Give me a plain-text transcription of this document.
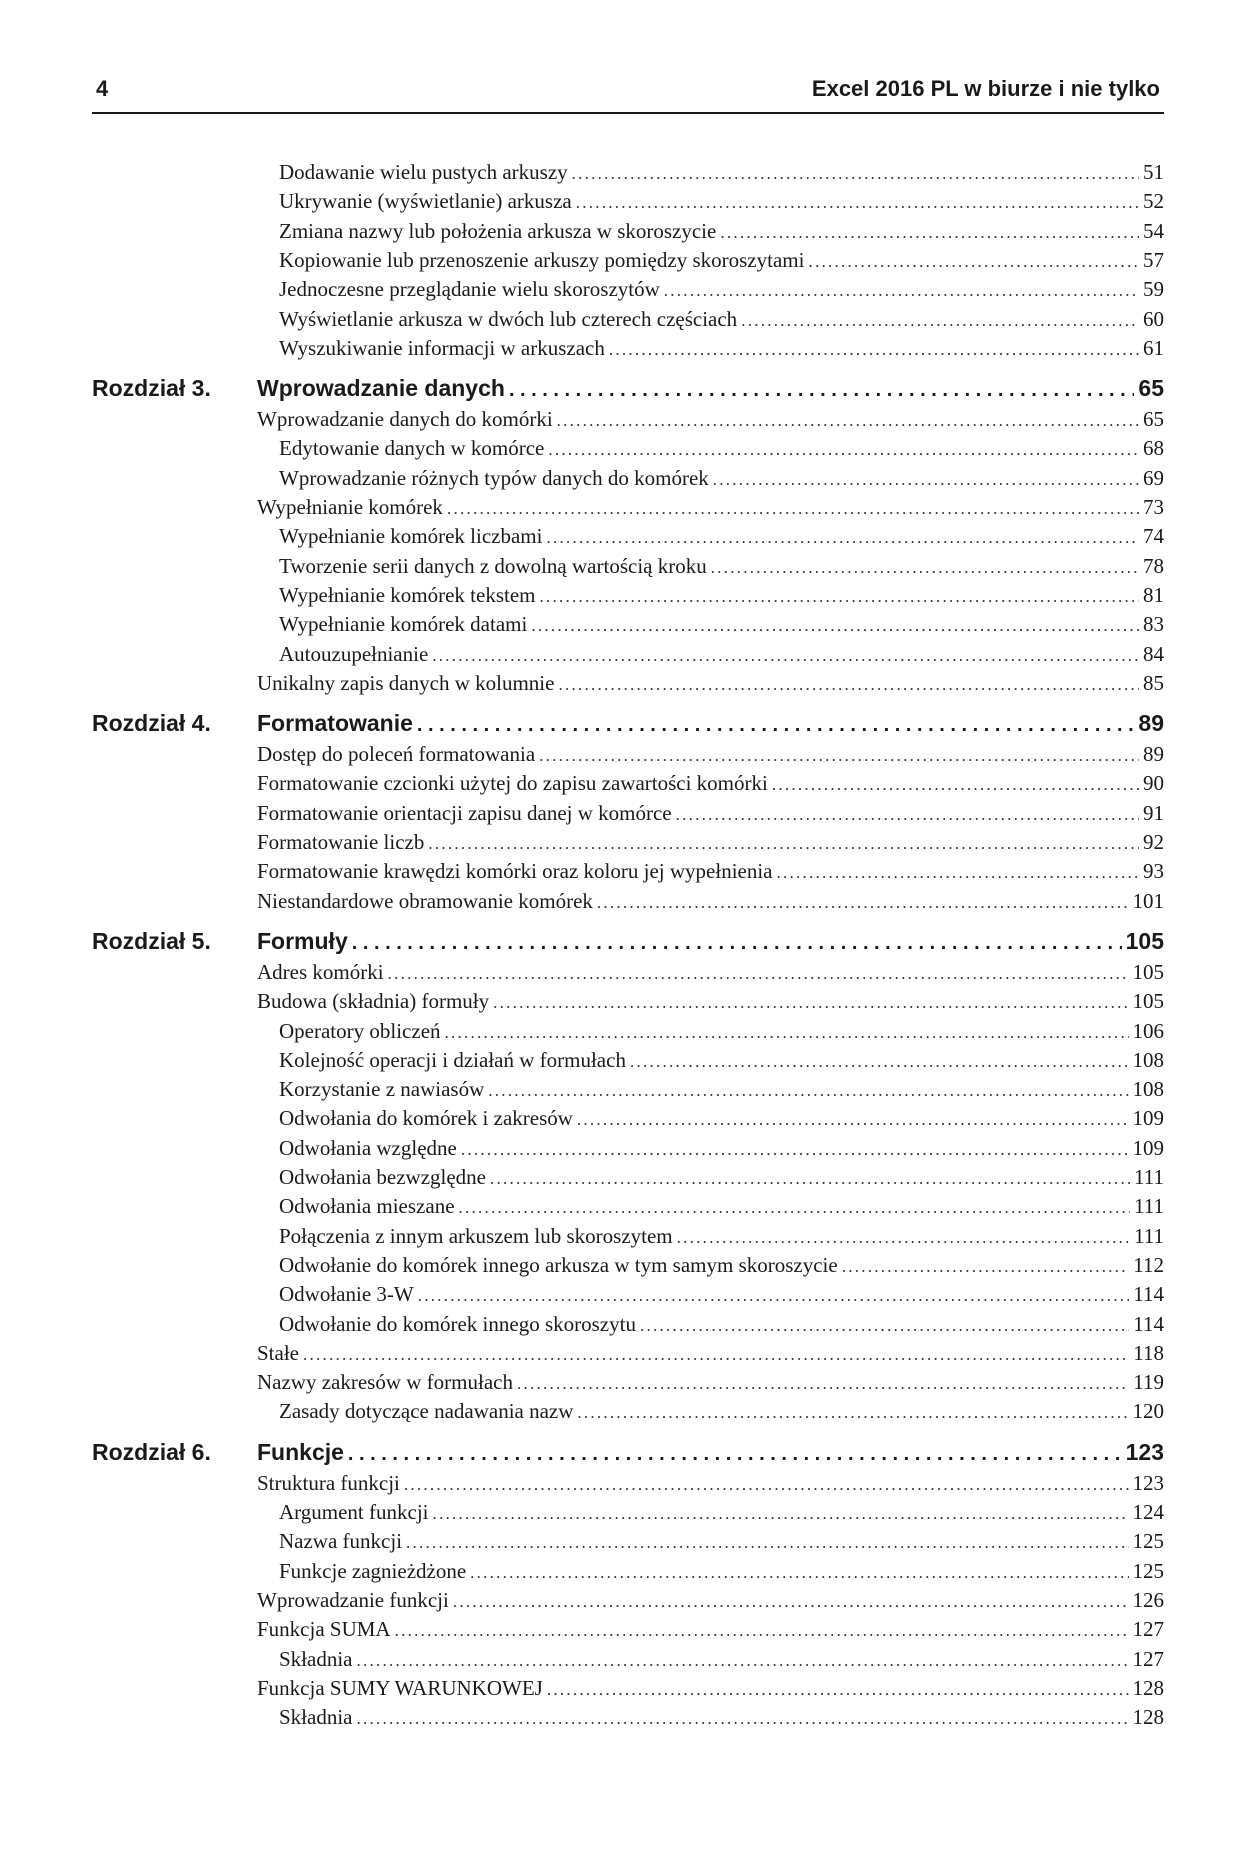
4	Excel 2016 PL w biurze i nie tylko
Dodawanie wielu pustych arkuszy . . .	51
Ukrywanie (wyświetlanie) arkusza . . .	52
Zmiana nazwy lub położenia arkusza w skoroszycie . . .	54
Kopiowanie lub przenoszenie arkuszy pomiędzy skoroszytami . . .	57
Jednoczesne przeglądanie wielu skoroszytów . . .	59
Wyświetlanie arkusza w dwóch lub czterech częściach . . .	60
Wyszukiwanie informacji w arkuszach . . .	61
Rozdział 3.	Wprowadzanie danych . . .	65
Wprowadzanie danych do komórki . . .	65
Edytowanie danych w komórce . . .	68
Wprowadzanie różnych typów danych do komórek . . .	69
Wypełnianie komórek . . .	73
Wypełnianie komórek liczbami . . .	74
Tworzenie serii danych z dowolną wartością kroku . . .	78
Wypełnianie komórek tekstem . . .	81
Wypełnianie komórek datami . . .	83
Autouzupełnianie . . .	84
Unikalny zapis danych w kolumnie . . .	85
Rozdział 4.	Formatowanie . . .	89
Dostęp do poleceń formatowania . . .	89
Formatowanie czcionki użytej do zapisu zawartości komórki . . .	90
Formatowanie orientacji zapisu danej w komórce . . .	91
Formatowanie liczb . . .	92
Formatowanie krawędzi komórki oraz koloru jej wypełnienia . . .	93
Niestandardowe obramowanie komórek . . .	101
Rozdział 5.	Formuły . . .	105
Adres komórki . . .	105
Budowa (składnia) formuły . . .	105
Operatory obliczeń . . .	106
Kolejność operacji i działań w formułach . . .	108
Korzystanie z nawiasów . . .	108
Odwołania do komórek i zakresów . . .	109
Odwołania względne . . .	109
Odwołania bezwzględne . . .	111
Odwołania mieszane . . .	111
Połączenia z innym arkuszem lub skoroszytem . . .	111
Odwołanie do komórek innego arkusza w tym samym skoroszycie . . .	112
Odwołanie 3-W . . .	114
Odwołanie do komórek innego skoroszytu . . .	114
Stałe . . .	118
Nazwy zakresów w formułach . . .	119
Zasady dotyczące nadawania nazw . . .	120
Rozdział 6.	Funkcje . . .	123
Struktura funkcji . . .	123
Argument funkcji . . .	124
Nazwa funkcji . . .	125
Funkcje zagnieżdżone . . .	125
Wprowadzanie funkcji . . .	126
Funkcja SUMA . . .	127
Składnia . . .	127
Funkcja SUMY WARUNKOWEJ . . .	128
Składnia . . .	128
